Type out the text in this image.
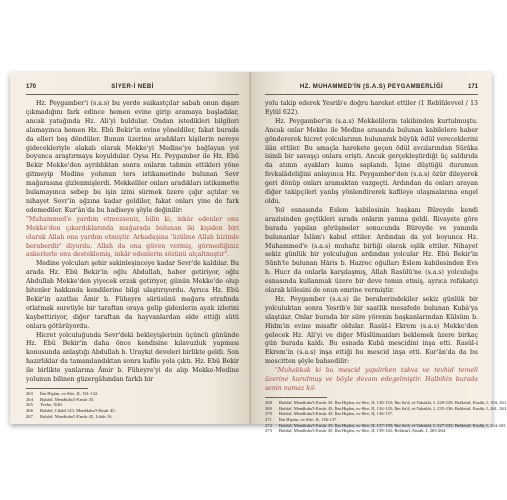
170	SİYER-İ NEBİ

Hz. Peygamber'i (s.a.s) bu yerde suikastçılar sabah onun dışarı çıkmadığını fark edince hemen evine girip aramaya başladılar, ancak yatağında Hz. Ali'yi buldular. Ondan istedikleri bilgileri alamayınca hemen Hz. Ebû Bekir'in evine yöneldiler, fakat burada da elleri boş döndüler. Bunun üzerine aradıkları kişilerin nereye gidecekleriyle alakalı olarak Mekke'yi Medine'ye bağlayan yol boyunca araştırmaya koyuldular. Oysa Hz. Peygamber ile Hz. Ebû Bekir Mekke'den ayrıldıktan sonra onların tahmin ettikleri yöne gitmeyip Medine yolunun ters istikametinde bulunan Sevr mağarasına gizlenmişlerdi. Mekkeliler onları aradıkları istikamette bulamayınca sebep bu işin izini sürmek üzere çığır açtılar ve nihayet Sevr'in ağzına kadar geldiler, fakat onları yine de fark edemediler. Kur'ân'da bu hadiseye şöyle değinilir:

"Muhammed'e yardım etmezseniz, bilin ki, inkâr edenler onu Mekke'den çıkardıklarında mağarada bulunan iki kişiden biri olarak Allah ona yardım etmiştir. Arkadaşına 'üzülme Allah bizimle beraberdir' diyordu. Allah da ona güven vermiş, görmediğiniz askerlerle onu desteklemiş, inkâr edenlerin sözünü alçaltmıştır".

Medine yolcuları şehir sakinleşinceye kadar Sevr'de kaldılar. Bu arada Hz. Ebû Bekir'in oğlu Abdullah, haber getiriyor, oğlu Abdullah Mekke'den yiyecek erzak getiriyor, günün Mekke'de olup bitenler hakkında kendilerine bilgi ulaştırıyordu. Ayrıca Hz. Ebû Bekir'in azatlısı Âmir b. Füheyre sürüsünü mağara etrafında otlatmak suretiyle bir taraftan oraya gelip gidenlerin ayak izlerini kaybettiriyor, diğer taraftan da hayvanlardan elde ettiği sütü onlara götürüyordu.

Hicret yolculuğunda Sevr'deki bekleyişlerinin üçüncü gününde Hz. Ebû Bekir'in daha önce kendisine kılavuzluk yapması konusunda anlaştığı Abdullah b. Uraykıt develeri birlikte geldi. Son hazırlıklar da tamamlandıktan sonra kafile yola çıktı. Hz. Ebû Bekir ile birlikte yanlarına Âmir b. Füheyre'yi de alıp Mekke-Medine yolunun bilinen güzergâhından farklı bir

263 İbn Hişâm, es-Sîre, II, 131-132.
264 Buhârî, Menâkıbu'l-Ensâr 45.
265 Tevbe, 9/40.
266 Buhârî, Cihâd 123, Menâkıbu'l-Ensâr 45.
267 Buhârî, Menâkıbu'l-Ensâr 45, Libâs 16.
HZ. MUHAMMED'İN (S.A.S) PEYGAMBERLİĞİ	171

yolu takip ederek Yesrib'e doğru hareket ettiler (1 Rebîülevvel / 13 Eylül 622).

Hz. Peygamber'in (s.a.s) Mekkelilerin takibinden kurtulmuştu. Ancak onlar Mekke ile Medine arasında bulunan kabilelere haber göndererek hicret yolcularının bulunarak büyük ödül vereceklerini ilân ettiler. Bu amaçla harekete geçen ödül avcılarından Sürâka isimli bir savaşçı onlara erişti. Ancak gerçekleştirdiği üç saldırıda da atının ayakları kuma saplandı. İçine düştüğü durumun fevkalâdeliğini anlayınca Hz. Peygamber'den (s.a.s) özür dileyerek geri dönüp onları aramaktan vazgeçti. Ardından da onları arayan diğer takipçileri yanlış yönlendirerek kafileye ulaşmalarına engel oldu.

Yol esnasında Eslem kabilesinin başkanı Büreyde kendi arazisinden geçtikleri sırada onların yanına geldi. Rivayete göre burada yapılan görüşmeler sonucunda Büreyde ve yanında bulunanlar İslâm'ı kabul ettiler. Ardından da yol boyunca Hz. Muhammed'e (s.a.s) muhafız birliği olarak eşlik ettiler. Nihayet sekiz günlük bir yolculuğun ardından yolcular Hz. Ebû Bekir'in Sünh'te bulunan Hâris b. Hazrec oğulları Eslem kabilesinden Evs b. Hucr da onlarla karşılaşmış, Allah Rasûlü'ne (s.a.s) yolculuğu esnasında kullanmak üzere bir deve temin etmiş, ayrıca refakatçi olarak kölesini de onun emrine vermiştir.

Hz. Peygamber (s.a.s) ile beraberindekiler sekiz günlük bir yolculuktan sonra Yesrib'e bir saatlik mesafede bulunan Kubâ'ya ulaştılar. Onlar burada bir süre yörenin başkanlarından Külsûm b. Hidm'in evine misafir oldular. Rasûl-i Ekrem (s.a.s) Mekke'den gelecek Hz. Ali'yi ve diğer Müslümanları beklemek üzere birkaç gün burada kaldı. Bu esnada Kubâ mescidini inşa etti. Rasûl-i Ekrem'in (s.a.s) inşa ettiği bu mescid inşa etti. Kur'ân'da da bu mescitten şöyle bahsedilir:

"Muhakkak ki bu mescid yapılırken takva ve tevhid temeli üzerine kurulmuş ve böyle devam edegelmiştir. Halbihin burada senin namaz kıl-

268 Buhârî, Menâkıbu'l-Ensâr 45; İbn Hişâm, es-Sîre, II, 130-133; İbn Sa'd, et-Tabakât, I, 228-229; Belâzürî, Ensâb, I, 194, 261.
269 Buhârî, Menâkıbu'l-Ensâr 45; İbn Hişâm, es-Sîre, II, 134-135; İbn Sa'd, et-Tabakât, I, 235-236; Belâzürî, Ensâb, I, 261, 263.
270 Buhârî, Menâkıbu'l-Ensâr 45; İbn Hişâm, es-Sîre, II, 136-137.
271 İbn Hişâm, es-Sîre, II, 136-137.
272 Buhârî, Menâkıbu'l-Ensâr 45; İbn Hişâm, es-Sîre, II, 137-139; İbn Sa'd, et-Tabakât, I, 227-233; Belâzürî, Ensâb, I, 264-265.
273 Buhârî, Menâkıbu'l-Ensâr 45; İbn Hişâm, es-Sîre, II, 139-143; Belâzürî, Ensâb, I, 263-264.
